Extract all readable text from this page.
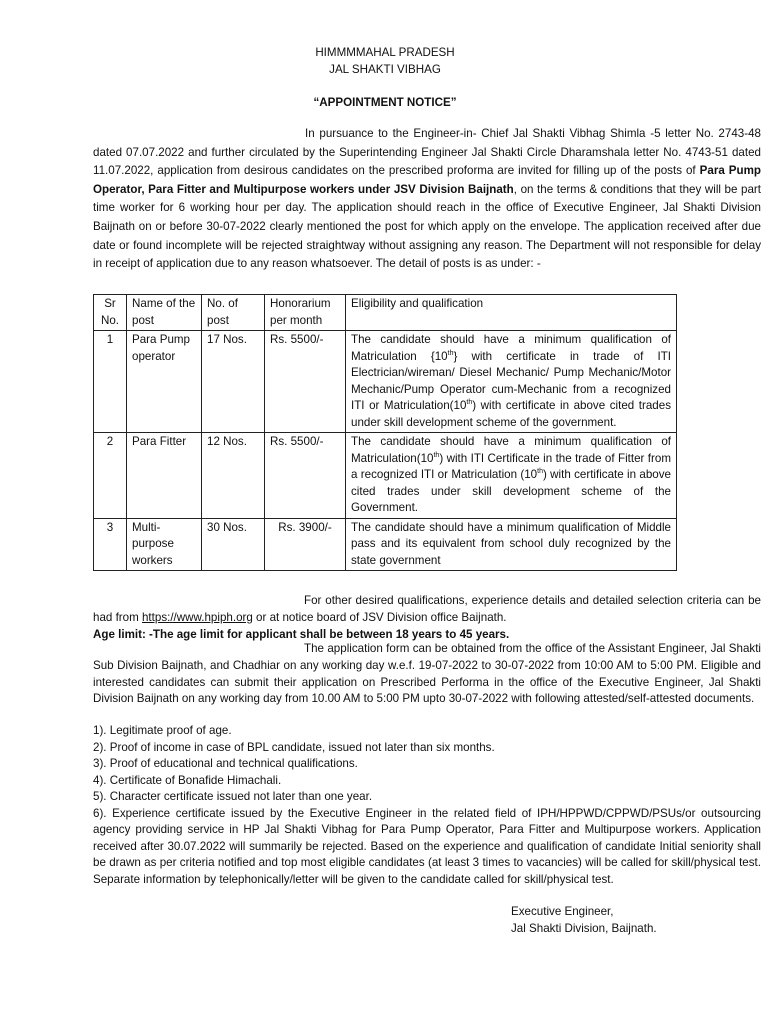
HIMMMMAHAL PRADESH
JAL SHAKTI VIBHAG
“APPOINTMENT NOTICE”
In pursuance to the Engineer-in- Chief Jal Shakti Vibhag Shimla -5 letter No. 2743-48 dated 07.07.2022 and further circulated by the Superintending Engineer Jal Shakti Circle Dharamshala letter No. 4743-51 dated 11.07.2022, application from desirous candidates on the prescribed proforma are invited for filling up of the posts of Para Pump Operator, Para Fitter and Multipurpose workers under JSV Division Baijnath, on the terms & conditions that they will be part time worker for 6 working hour per day. The application should reach in the office of Executive Engineer, Jal Shakti Division Baijnath on or before 30-07-2022 clearly mentioned the post for which apply on the envelope. The application received after due date or found incomplete will be rejected straightway without assigning any reason. The Department will not responsible for delay in receipt of application due to any reason whatsoever. The detail of posts is as under: -
Sr No.	Name of the post	No. of post	Honorarium per month	Eligibility and qualification
1	Para Pump operator	17 Nos.	Rs. 5500/-	The candidate should have a minimum qualification of Matriculation {10th} with certificate in trade of ITI Electrician/wireman/ Diesel Mechanic/ Pump Mechanic/Motor Mechanic/Pump Operator cum-Mechanic from a recognized ITI or Matriculation(10th) with certificate in above cited trades under skill development scheme of the government.
2	Para Fitter	12 Nos.	Rs. 5500/-	The candidate should have a minimum qualification of Matriculation(10th) with ITI Certificate in the trade of Fitter from a recognized ITI or Matriculation (10th) with certificate in above cited trades under skill development scheme of the Government.
3	Multi-purpose workers	30 Nos.	Rs. 3900/-	The candidate should have a minimum qualification of Middle pass and its equivalent from school duly recognized by the state government
For other desired qualifications, experience details and detailed selection criteria can be had from https://www.hpiph.org or at notice board of JSV Division office Baijnath.
Age limit: -The age limit for applicant shall be between 18 years to 45 years.
The application form can be obtained from the office of the Assistant Engineer, Jal Shakti Sub Division Baijnath, and Chadhiar on any working day w.e.f. 19-07-2022 to 30-07-2022 from 10:00 AM to 5:00 PM. Eligible and interested candidates can submit their application on Prescribed Performa in the office of the Executive Engineer, Jal Shakti Division Baijnath on any working day from 10.00 AM to 5:00 PM upto 30-07-2022 with following attested/self-attested documents.
1). Legitimate proof of age.
2). Proof of income in case of BPL candidate, issued not later than six months.
3). Proof of educational and technical qualifications.
4). Certificate of Bonafide Himachali.
5). Character certificate issued not later than one year.
6). Experience certificate issued by the Executive Engineer in the related field of IPH/HPPWD/CPPWD/PSUs/or outsourcing agency providing service in HP Jal Shakti Vibhag for Para Pump Operator, Para Fitter and Multipurpose workers. Application received after 30.07.2022 will summarily be rejected. Based on the experience and qualification of candidate Initial seniority shall be drawn as per criteria notified and top most eligible candidates (at least 3 times to vacancies) will be called for skill/physical test. Separate information by telephonically/letter will be given to the candidate called for skill/physical test.
Executive Engineer,
Jal Shakti Division, Baijnath.
